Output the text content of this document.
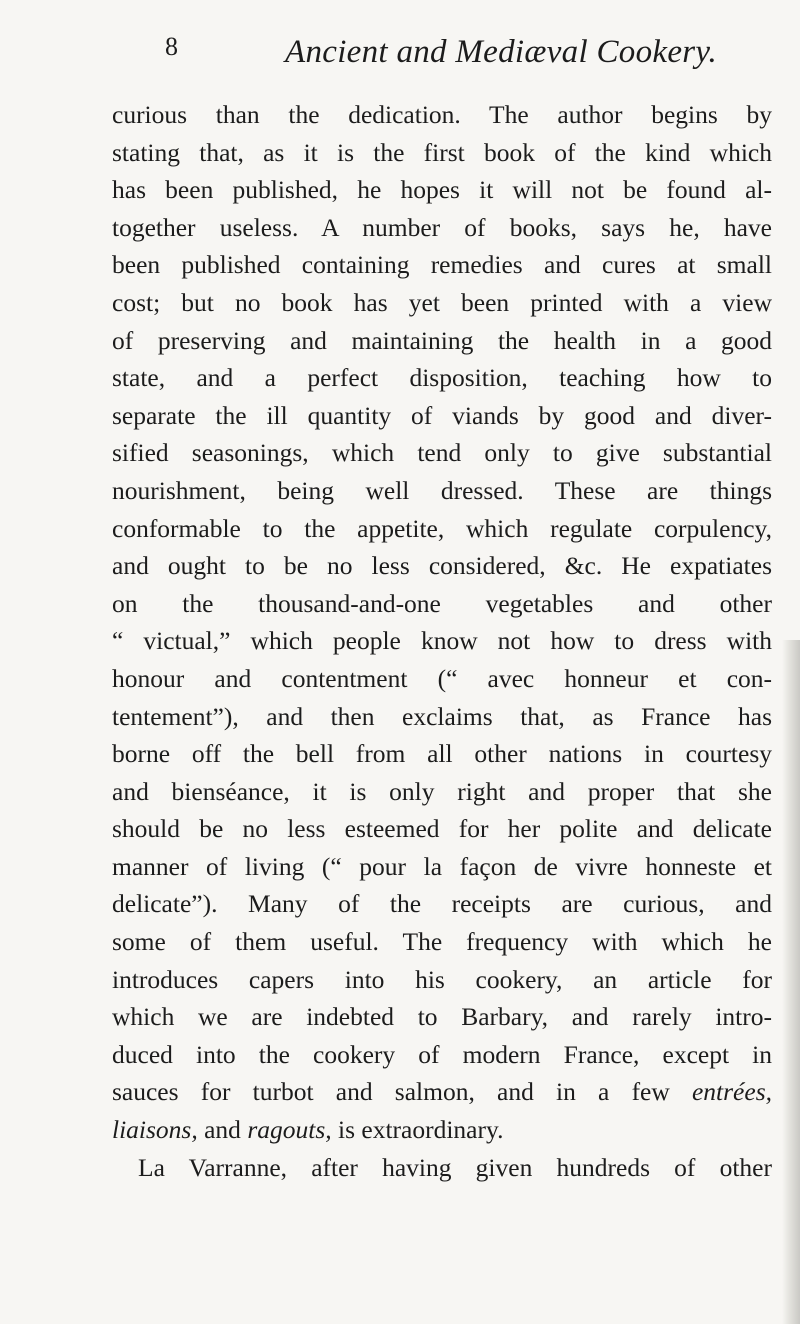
8	Ancient and Mediæval Cookery.
curious than the dedication. The author begins by
stating that, as it is the first book of the kind which
has been published, he hopes it will not be found al-
together useless. A number of books, says he, have
been published containing remedies and cures at small
cost; but no book has yet been printed with a view
of preserving and maintaining the health in a good
state, and a perfect disposition, teaching how to
separate the ill quantity of viands by good and diver-
sified seasonings, which tend only to give substantial
nourishment, being well dressed. These are things
conformable to the appetite, which regulate corpulency,
and ought to be no less considered, &c. He expatiates
on the thousand-and-one vegetables and other
“ victual,” which people know not how to dress with
honour and contentment (“ avec honneur et con-
tentement”), and then exclaims that, as France has
borne off the bell from all other nations in courtesy
and bienséance, it is only right and proper that she
should be no less esteemed for her polite and delicate
manner of living (“ pour la façon de vivre honneste et
delicate”). Many of the receipts are curious, and
some of them useful. The frequency with which he
introduces capers into his cookery, an article for
which we are indebted to Barbary, and rarely intro-
duced into the cookery of modern France, except in
sauces for turbot and salmon, and in a few entrées,
liaisons, and ragouts, is extraordinary.
La Varranne, after having given hundreds of other
